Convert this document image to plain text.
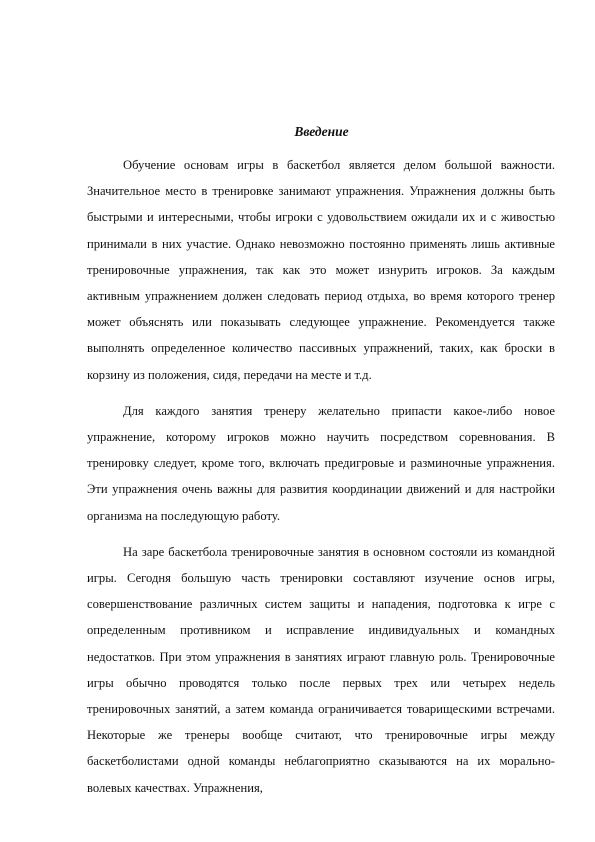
Введение

Обучение основам игры в баскетбол является делом большой важности. Значительное место в тренировке занимают упражнения. Упражнения должны быть быстрыми и интересными, чтобы игроки с удовольствием ожидали их и с живостью принимали в них участие. Однако невозможно постоянно применять лишь активные тренировочные упражнения, так как это может изнурить игроков. За каждым активным упражнением должен следовать период отдыха, во время которого тренер может объяснять или показывать следующее упражнение. Рекомендуется также выполнять определенное количество пассивных упражнений, таких, как броски в корзину из положения, сидя, передачи на месте и т.д.

Для каждого занятия тренеру желательно припасти какое-либо новое упражнение, которому игроков можно научить посредством соревнования. В тренировку следует, кроме того, включать предигровые и разминочные упражнения. Эти упражнения очень важны для развития координации движений и для настройки организма на последующую работу.

На заре баскетбола тренировочные занятия в основном состояли из командной игры. Сегодня большую часть тренировки составляют изучение основ игры, совершенствование различных систем защиты и нападения, подготовка к игре с определенным противником и исправление индивидуальных и командных недостатков. При этом упражнения в занятиях играют главную роль. Тренировочные игры обычно проводятся только после первых трех или четырех недель тренировочных занятий, а затем команда ограничивается товарищескими встречами. Некоторые же тренеры вообще считают, что тренировочные игры между баскетболистами одной команды неблагоприятно сказываются на их морально-волевых качествах. Упражнения,
